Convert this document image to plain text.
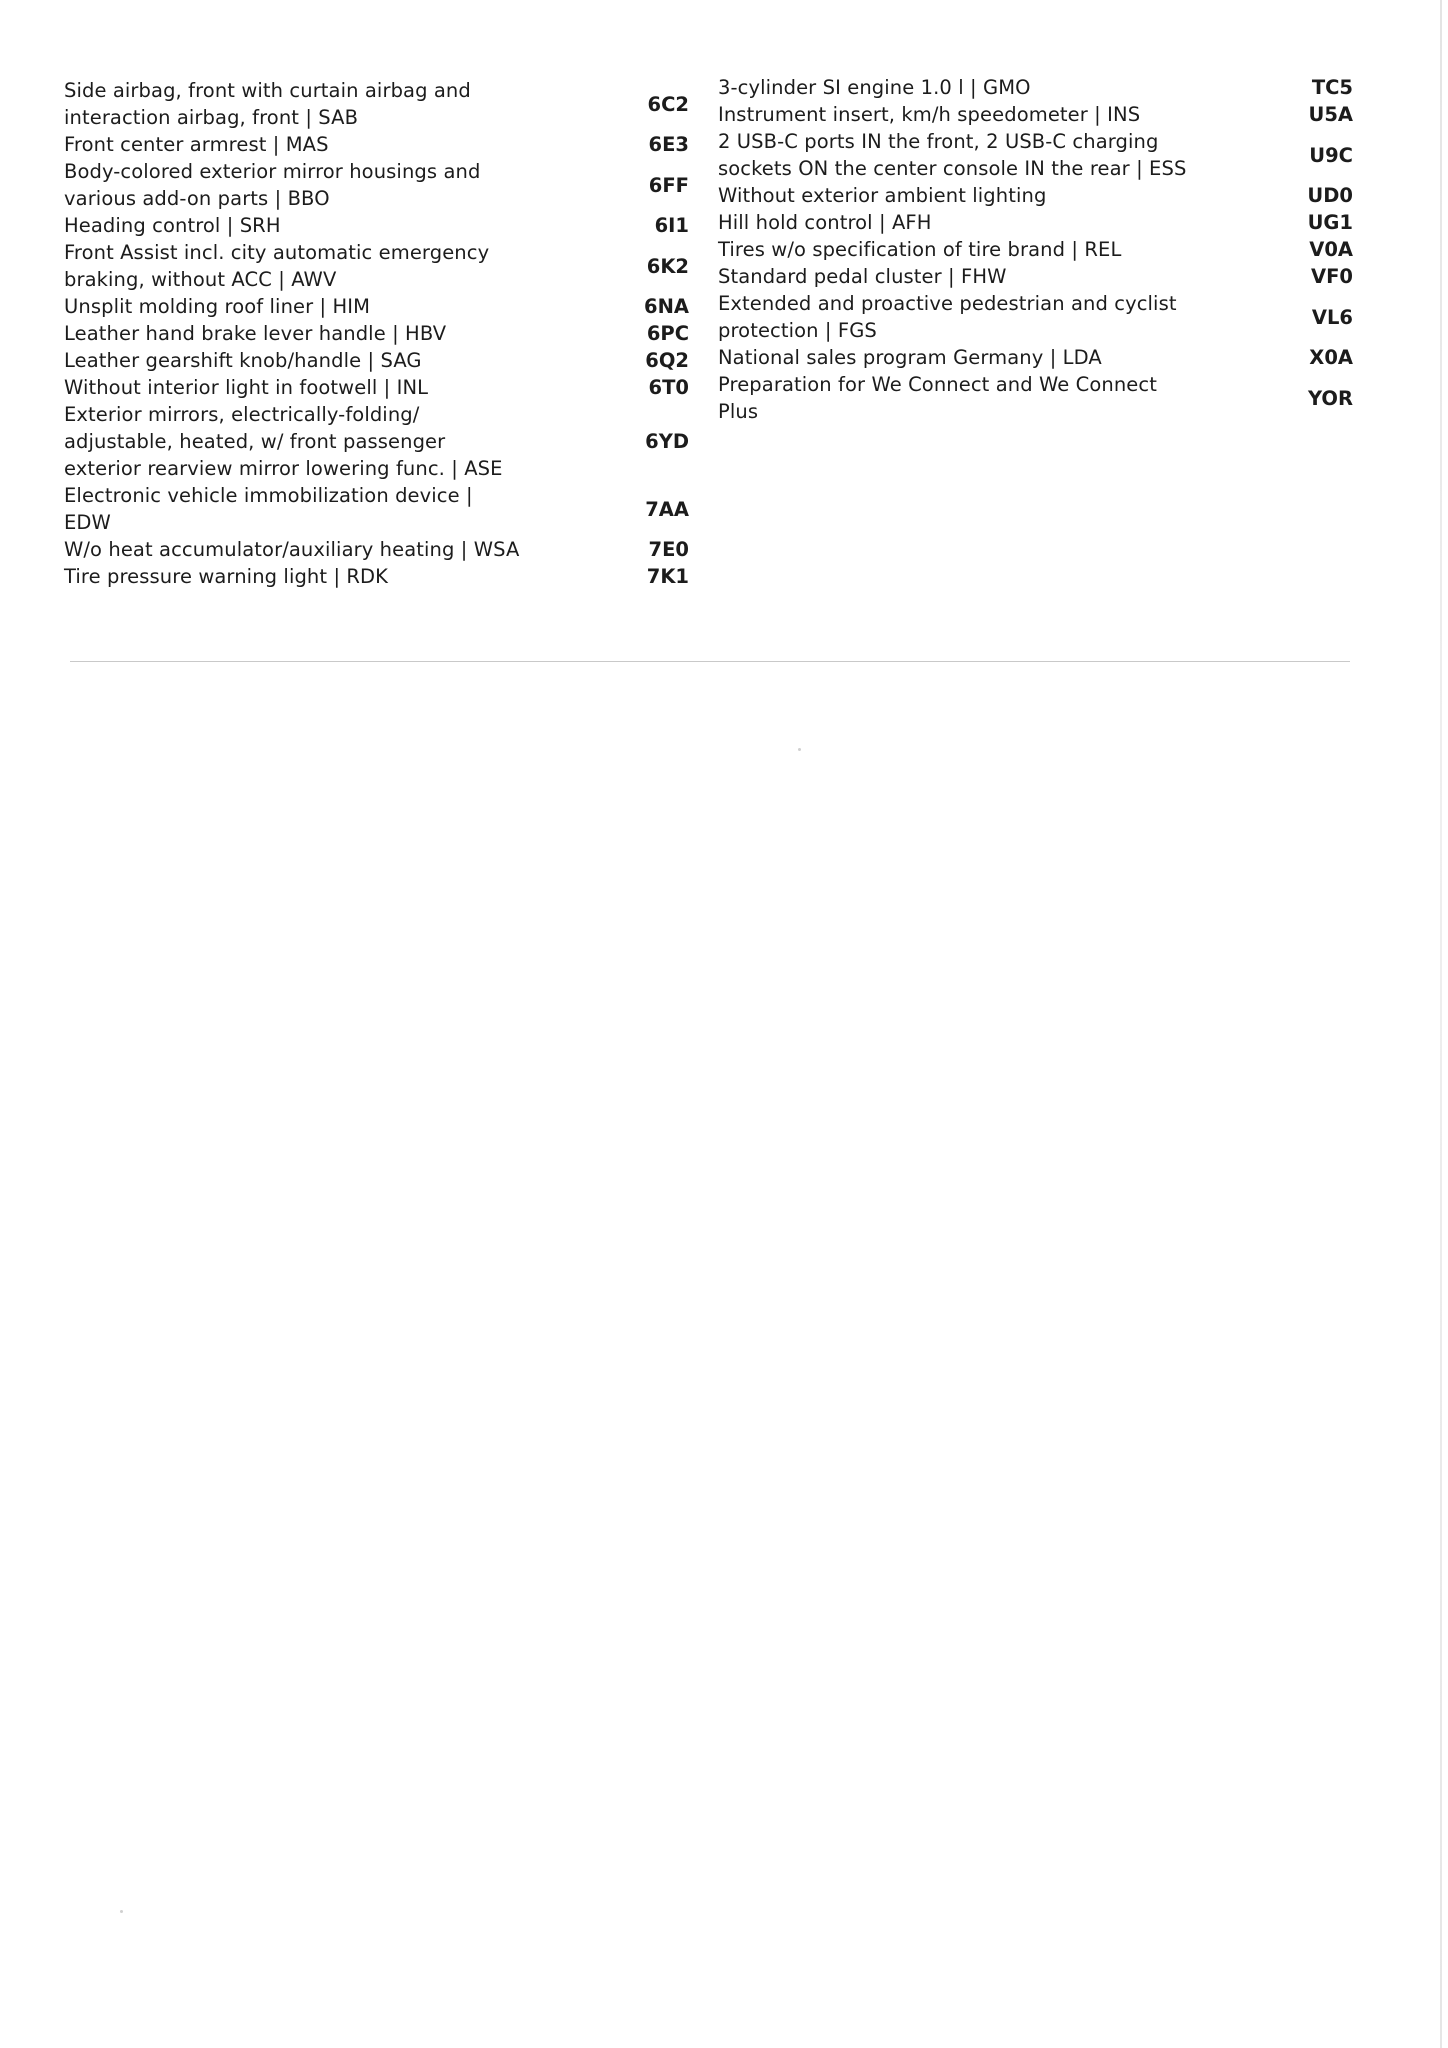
Side airbag, front with curtain airbag and interaction airbag, front | SAB
6C2
Front center armrest | MAS	6E3
Body-colored exterior mirror housings and various add-on parts | BBO
6FF
Heading control | SRH	6I1
Front Assist incl. city automatic emergency braking, without ACC | AWV
6K2
Unsplit molding roof liner | HIM	6NA
Leather hand brake lever handle | HBV	6PC
Leather gearshift knob/handle | SAG	6Q2
Without interior light in footwell | INL	6T0
Exterior mirrors, electrically-folding/ adjustable, heated, w/ front passenger exterior rearview mirror lowering func. | ASE
6YD
Electronic vehicle immobilization device | EDW
7AA
W/o heat accumulator/auxiliary heating | WSA	7E0
Tire pressure warning light | RDK	7K1
3-cylinder SI engine 1.0 l | GMO	TC5
Instrument insert, km/h speedometer | INS	U5A
2 USB-C ports IN the front, 2 USB-C charging sockets ON the center console IN the rear | ESS
U9C
Without exterior ambient lighting	UD0
Hill hold control | AFH	UG1
Tires w/o specification of tire brand | REL	V0A
Standard pedal cluster | FHW	VF0
Extended and proactive pedestrian and cyclist protection | FGS
VL6
National sales program Germany | LDA	X0A
Preparation for We Connect and We Connect Plus
YOR
